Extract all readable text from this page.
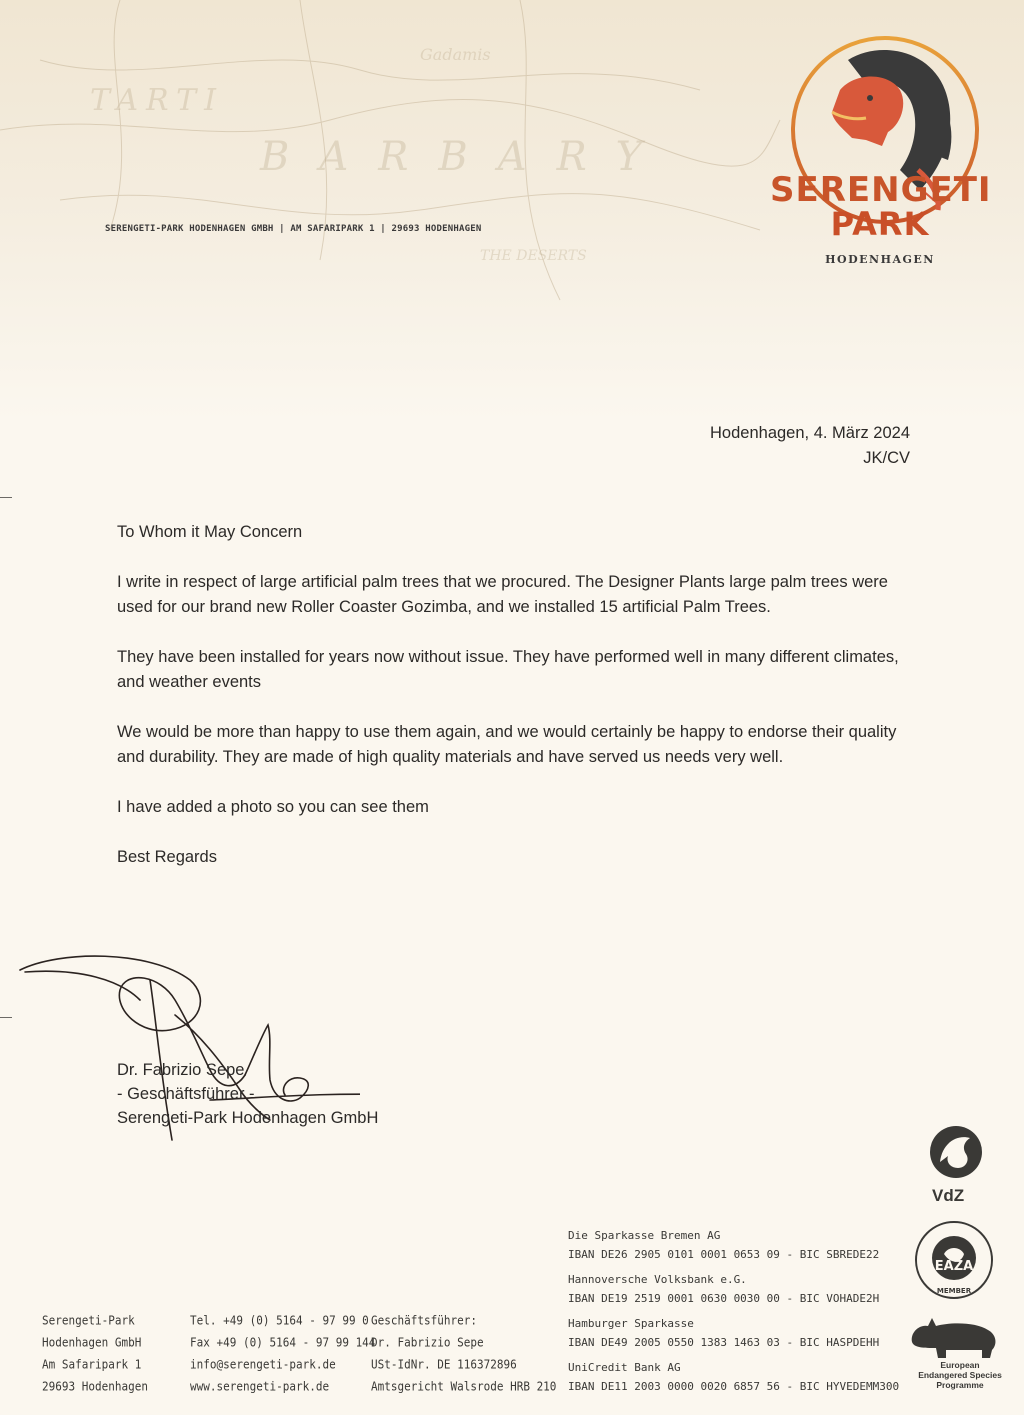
TARTI
BARBARY
THE DESERTS
Gadamis
SERENGETI-PARK HODENHAGEN GMBH | AM SAFARIPARK 1 | 29693 HODENHAGEN
SERENGETI
PARK
HODENHAGEN
Hodenhagen, 4. März 2024
JK/CV

To Whom it May Concern

I write in respect of large artificial palm trees that we procured. The Designer Plants large palm trees were used for our brand new Roller Coaster Gozimba, and we installed 15 artificial Palm Trees.

They have been installed for years now without issue. They have performed well in many different climates, and weather events

We would be more than happy to use them again, and we would certainly be happy to endorse their quality and durability. They are made of high quality materials and have served us needs very well.

I have added a photo so you can see them

Best Regards

Dr. Fabrizio Sepe
- Geschäftsführer -
Serengeti-Park Hodenhagen GmbH
Serengeti-Park
Hodenhagen GmbH
Am Safaripark 1
29693 Hodenhagen
Tel. +49 (0) 5164 - 97 99 0
Fax +49 (0) 5164 - 97 99 144
info@serengeti-park.de
www.serengeti-park.de
Geschäftsführer:
Dr. Fabrizio Sepe
USt-IdNr. DE 116372896
Amtsgericht Walsrode HRB 210
Die Sparkasse Bremen AG
IBAN DE26 2905 0101 0001 0653 09 - BIC SBREDE22
Hannoversche Volksbank e.G.
IBAN DE19 2519 0001 0630 0030 00 - BIC VOHADE2H
Hamburger Sparkasse
IBAN DE49 2005 0550 1383 1463 03 - BIC HASPDEHH
UniCredit Bank AG
IBAN DE11 2003 0000 0020 6857 56 - BIC HYVEDEMM300
VdZ
EAZA
MEMBER
European
Endangered Species
Programme
